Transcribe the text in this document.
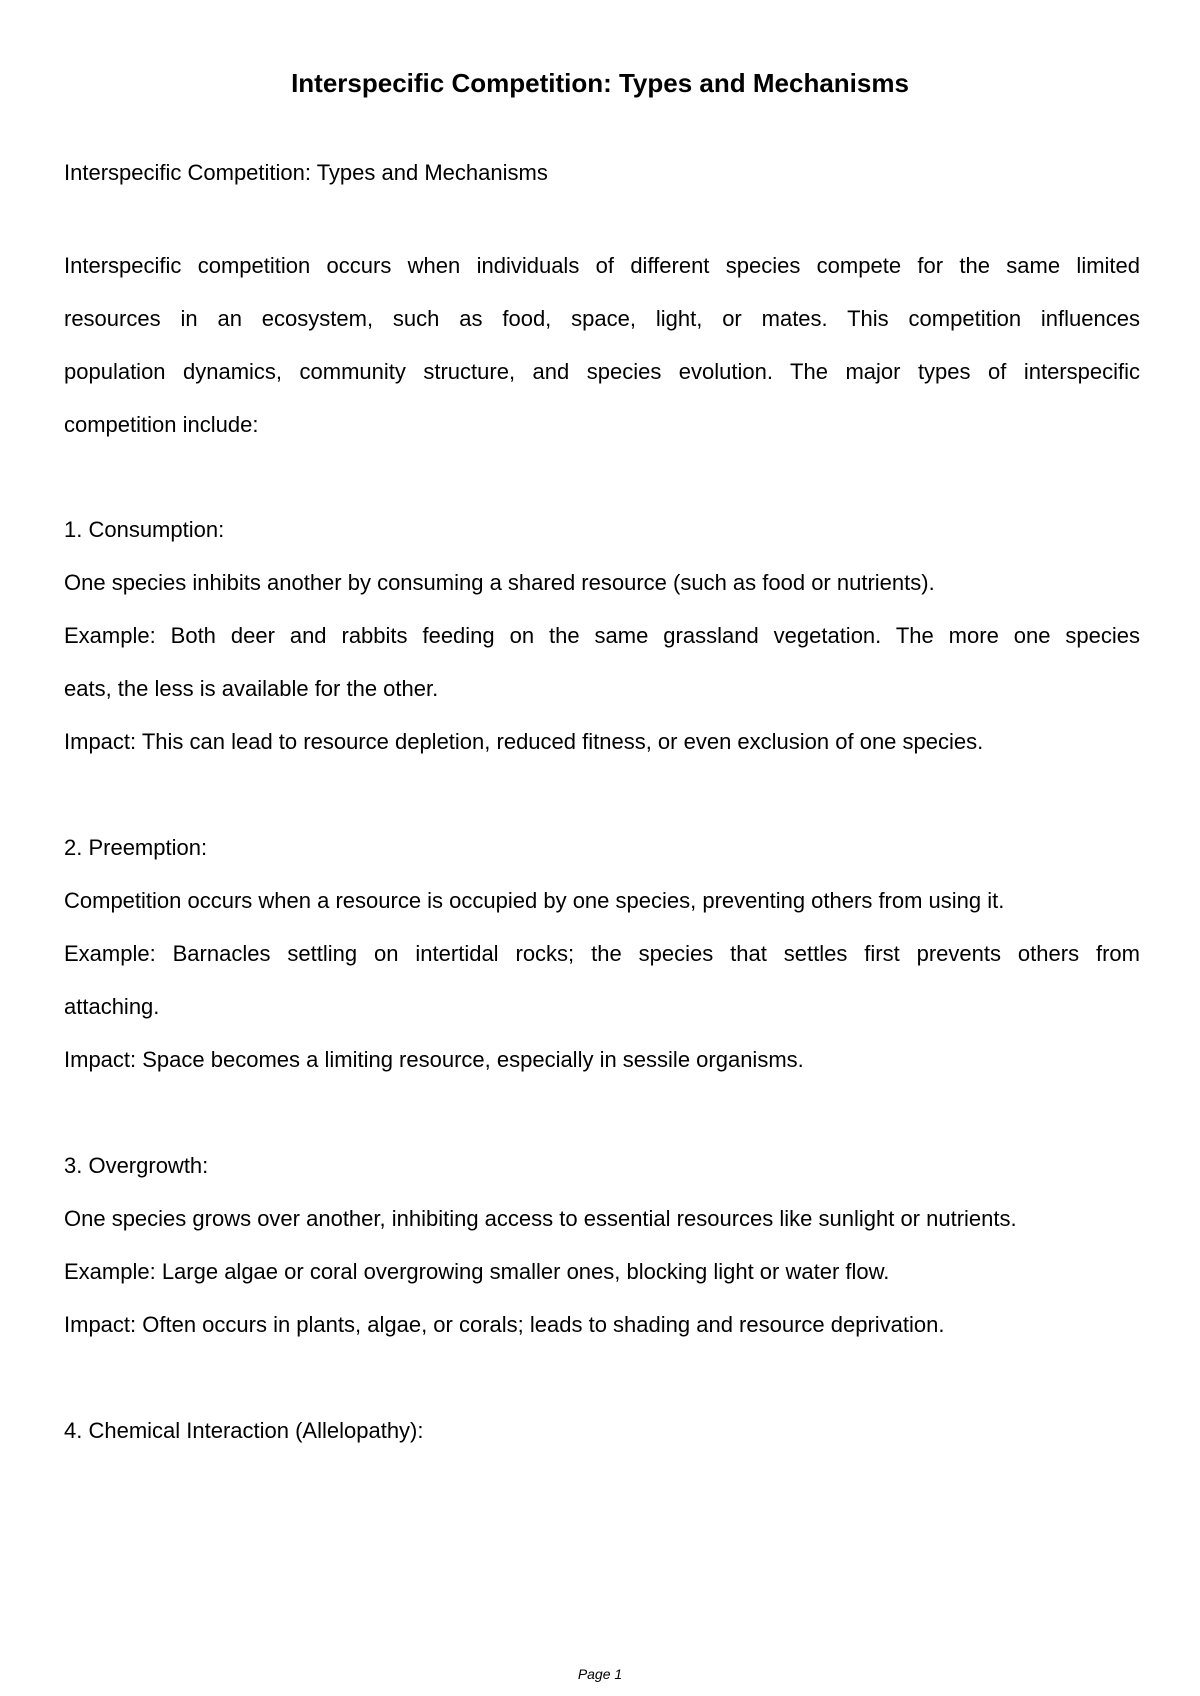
Interspecific Competition: Types and Mechanisms

Interspecific Competition: Types and Mechanisms

Interspecific competition occurs when individuals of different species compete for the same limited

resources in an ecosystem, such as food, space, light, or mates. This competition influences

population dynamics, community structure, and species evolution. The major types of interspecific

competition include:

1. Consumption:

One species inhibits another by consuming a shared resource (such as food or nutrients).

Example: Both deer and rabbits feeding on the same grassland vegetation. The more one species

eats, the less is available for the other.

Impact: This can lead to resource depletion, reduced fitness, or even exclusion of one species.

2. Preemption:

Competition occurs when a resource is occupied by one species, preventing others from using it.

Example: Barnacles settling on intertidal rocks; the species that settles first prevents others from

attaching.

Impact: Space becomes a limiting resource, especially in sessile organisms.

3. Overgrowth:

One species grows over another, inhibiting access to essential resources like sunlight or nutrients.

Example: Large algae or coral overgrowing smaller ones, blocking light or water flow.

Impact: Often occurs in plants, algae, or corals; leads to shading and resource deprivation.

4. Chemical Interaction (Allelopathy):

Page 1
